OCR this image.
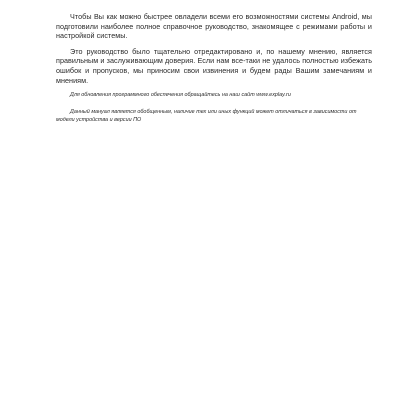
Чтобы Вы как можно быстрее овладели всеми его возможностями системы Android, мы подготовили наиболее полное справочное руководство, знакомящее с режимами работы и настройкой системы.

Это руководство было тщательно отредактировано и, по нашему мнению, является правильным и заслуживающим доверия. Если нам все-таки не удалось полностью избежать ошибок и пропусков, мы приносим свои извинения и будем рады Вашим замечаниям и мнениям.

Для обновления программного обеспечения обращайтесь на наш сайт www.explay.ru

Данный мануал является обобщенным, наличие тех или иных функций может отличаться в зависимости от модели устройства и версии ПО
